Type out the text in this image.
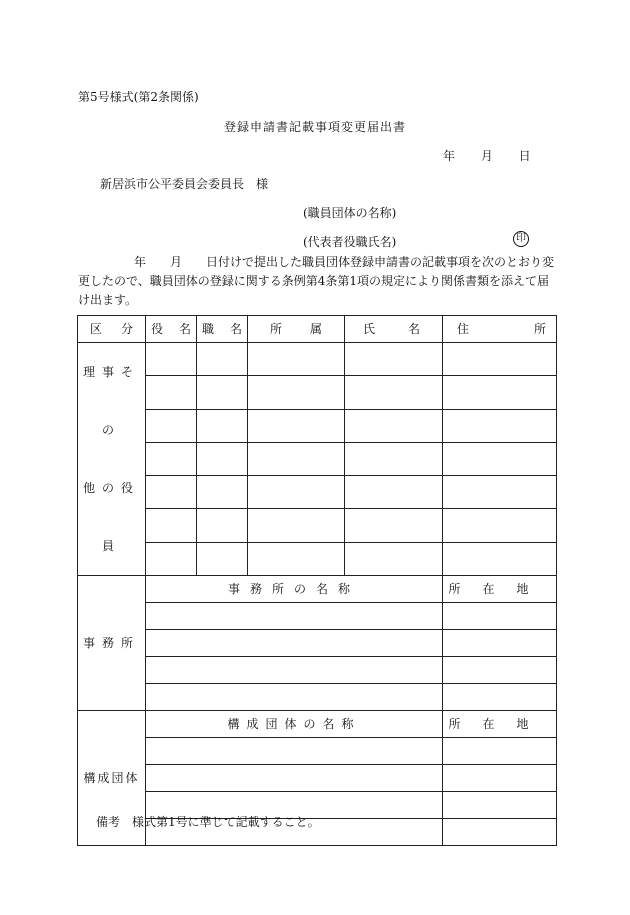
第5号様式(第2条関係)
登録申請書記載事項変更届出書
年 月 日
新居浜市公平委員会委員長　様
(職員団体の名称)
(代表者役職氏名)	印
年　　月　　日付けで提出した職員団体登録申請書の記載事項を次のとおり変更したので、職員団体の登録に関する条例第4条第1項の規定により関係書類を添えて届け出ます。
区 分	役 名	職 名	所 属	氏 名	住 所

理事その
他の役員					

事務所	事務所の名称				所在地

構成団体	構成団体の名称				所在地

備考　様式第1号に準じて記載すること。
